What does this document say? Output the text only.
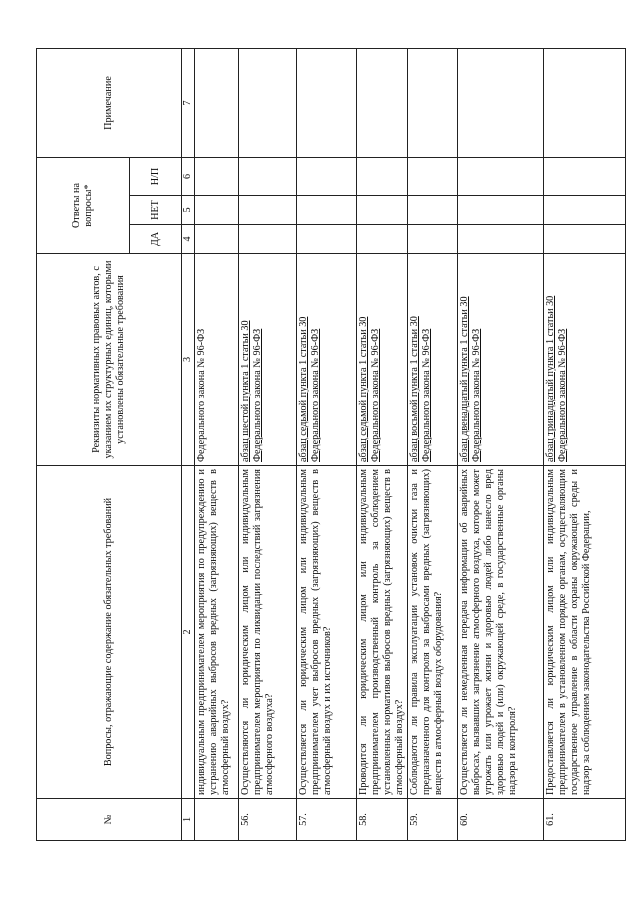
№	Вопросы, отражающие содержание обязательных требований	Реквизиты нормативных правовых актов, с указанием их структурных единиц, которыми установлены обязательные требования	Ответы на вопросы*			Примечание
			ДА	НЕТ	Н/П	
1	2	3	4	5	6	7
	индивидуальным предпринимателем мероприятия по предупреждению и устранению аварийных выбросов вредных (загрязняющих) веществ в атмосферный воздух?	Федерального закона № 96-ФЗ				

56.	Осуществляются ли юридическим лицом или индивидуальным предпринимателем мероприятия по ликвидации последствий загрязнения атмосферного воздуха?	абзац шестой пункта 1 статьи 30 Федерального закона № 96-ФЗ				

57.	Осуществляется ли юридическим лицом или индивидуальным предпринимателем учет выбросов вредных (загрязняющих) веществ в атмосферный воздух и их источников?	абзац седьмой пункта 1 статьи 30 Федерального закона № 96-ФЗ				

58.	Проводится ли юридическим лицом или индивидуальным предпринимателем производственный контроль за соблюдением установленных нормативов выбросов вредных (загрязняющих) веществ в атмосферный воздух?	абзац седьмой пункта 1 статьи 30 Федерального закона № 96-ФЗ				

59.	Соблюдаются ли правила эксплуатации установок очистки газа и предназначенного для контроля за выбросами вредных (загрязняющих) веществ в атмосферный воздух оборудования?	абзац восьмой пункта 1 статьи 30 Федерального закона № 96-ФЗ				

60.	Осуществляется ли немедленная передача информации об аварийных выбросах, вызвавших загрязнение атмосферного воздуха, которое может угрожать или угрожает жизни и здоровью людей либо нанесло вред здоровью людей и (или) окружающей среде, в государственные органы надзора и контроля?	абзац двенадцатый пункта 1 статьи 30 Федерального закона № 96-ФЗ				

61.	Предоставляется ли юридическим лицом или индивидуальным предпринимателем в установленном порядке органам, осуществляющим государственное управление в области охраны окружающей среды и надзор за соблюдением законодательства Российской Федерации,	абзац тринадцатый пункта 1 статьи 30 Федерального закона № 96-ФЗ				
